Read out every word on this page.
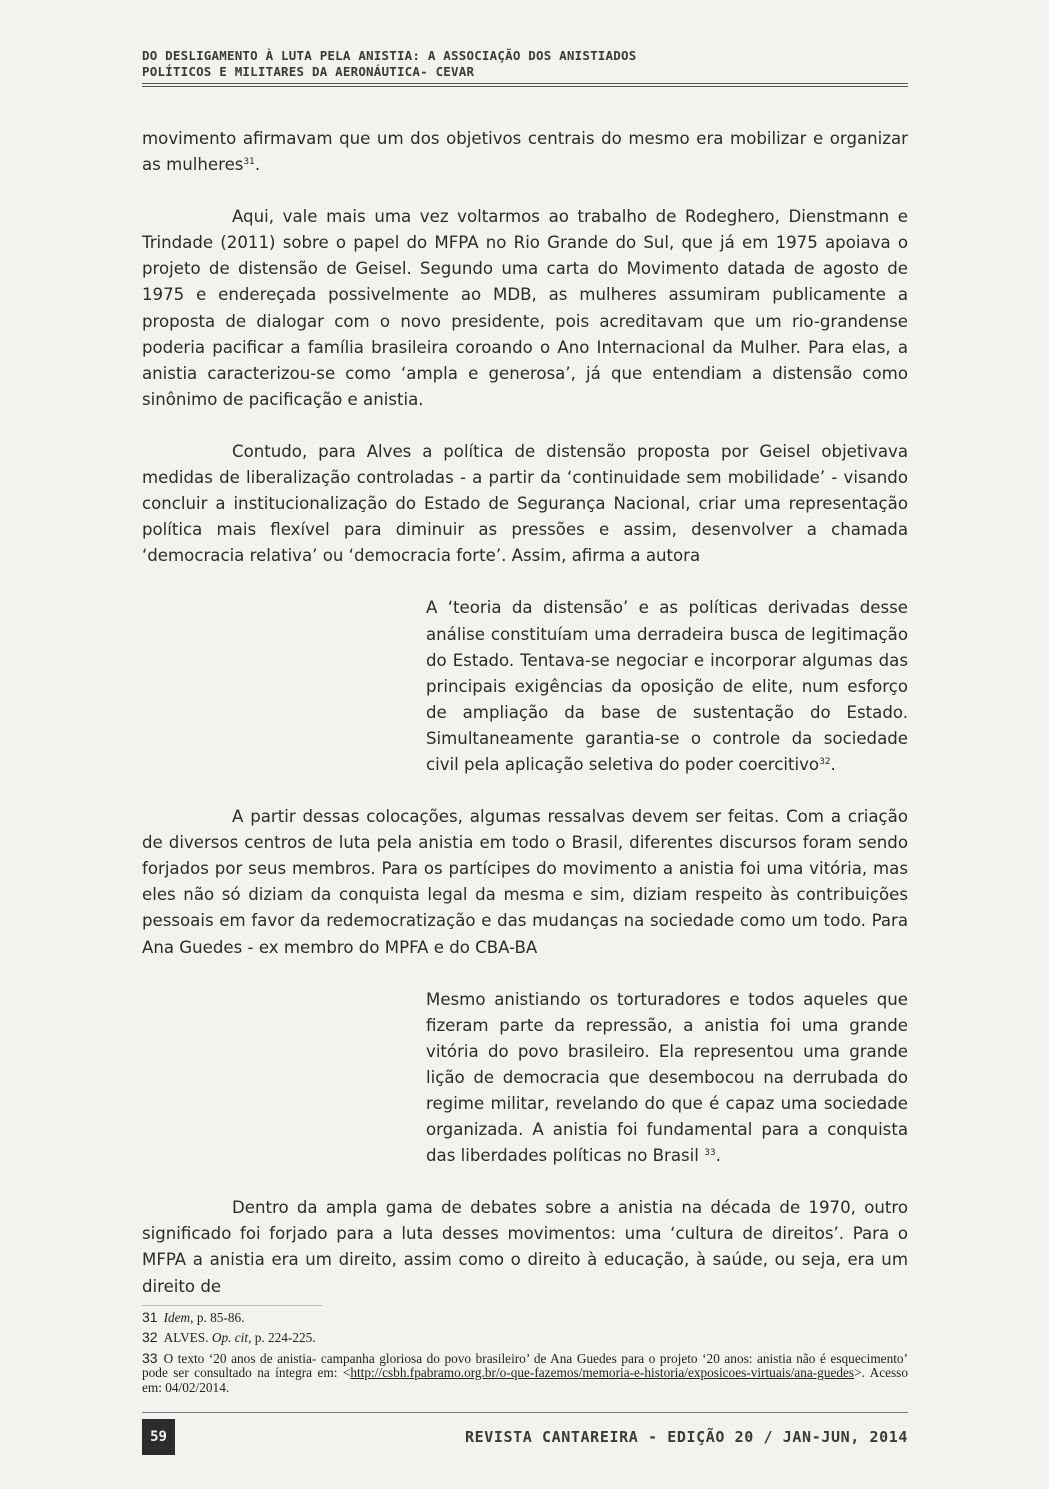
DO DESLIGAMENTO À LUTA PELA ANISTIA: A ASSOCIAÇÃO DOS ANISTIADOS POLÍTICOS E MILITARES DA AERONÁUTICA- CEVAR

movimento afirmavam que um dos objetivos centrais do mesmo era mobilizar e organizar as mulheres$^{31}$.

Aqui, vale mais uma vez voltarmos ao trabalho de Rodeghero, Dienstmann e Trindade (2011) sobre o papel do MFPA no Rio Grande do Sul, que já em 1975 apoiava o projeto de distensão de Geisel. Segundo uma carta do Movimento datada de agosto de 1975 e endereçada possivelmente ao MDB, as mulheres assumiram publicamente a proposta de dialogar com o novo presidente, pois acreditavam que um rio-grandense poderia pacificar a família brasileira coroando o Ano Internacional da Mulher. Para elas, a anistia caracterizou-se como ‘ampla e generosa’, já que entendiam a distensão como sinônimo de pacificação e anistia.

Contudo, para Alves a política de distensão proposta por Geisel objetivava medidas de liberalização controladas - a partir da ‘continuidade sem mobilidade’ - visando concluir a institucionalização do Estado de Segurança Nacional, criar uma representação política mais flexível para diminuir as pressões e assim, desenvolver a chamada ‘democracia relativa’ ou ‘democracia forte’. Assim, afirma a autora

A ‘teoria da distensão’ e as políticas derivadas desse análise constituíam uma derradeira busca de legitimação do Estado. Tentava-se negociar e incorporar algumas das principais exigências da oposição de elite, num esforço de ampliação da base de sustentação do Estado. Simultaneamente garantia-se o controle da sociedade civil pela aplicação seletiva do poder coercitivo$^{32}$.

A partir dessas colocações, algumas ressalvas devem ser feitas. Com a criação de diversos centros de luta pela anistia em todo o Brasil, diferentes discursos foram sendo forjados por seus membros. Para os partícipes do movimento a anistia foi uma vitória, mas eles não só diziam da conquista legal da mesma e sim, diziam respeito às contribuições pessoais em favor da redemocratização e das mudanças na sociedade como um todo. Para Ana Guedes - ex membro do MPFA e do CBA-BA

Mesmo anistiando os torturadores e todos aqueles que fizeram parte da repressão, a anistia foi uma grande vitória do povo brasileiro. Ela representou uma grande lição de democracia que desembocou na derrubada do regime militar, revelando do que é capaz uma sociedade organizada. A anistia foi fundamental para a conquista das liberdades políticas no Brasil $^{33}$.

Dentro da ampla gama de debates sobre a anistia na década de 1970, outro significado foi forjado para a luta desses movimentos: uma ‘cultura de direitos’. Para o MFPA a anistia era um direito, assim como o direito à educação, à saúde, ou seja, era um direito de

31 Idem, p. 85-86.

32 ALVES. Op. cit, p. 224-225.

33 O texto ‘20 anos de anistia- campanha gloriosa do povo brasileiro’ de Ana Guedes para o projeto ‘20 anos: anistia não é esquecimento’ pode ser consultado na íntegra em: <http://csbh.fpabramo.org.br/o-que-fazemos/memoria-e-historia/exposicoes-virtuais/ana-guedes>. Acesso em: 04/02/2014.

59	REVISTA CANTAREIRA - EDIÇÃO 20 / JAN-JUN, 2014
